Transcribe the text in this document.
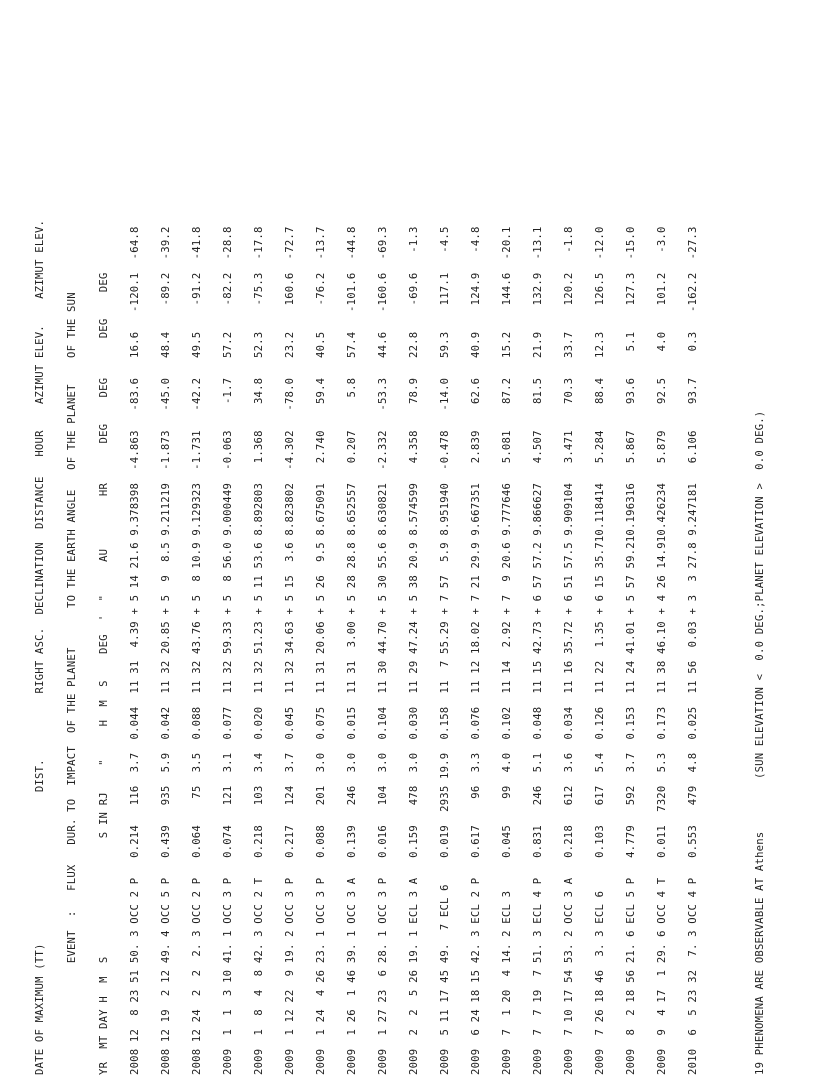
DATE OF MAXIMUM (TT)                       DIST.          RIGHT ASC.  DECLINATION  DISTANCE   HOUR    AZIMUT ELEV.    AZIMUT ELEV. EVENT  :   FLUX   DUR. TO  IMPACT  OF THE PLANET      TO THE EARTH ANGLE   OF THE PLANET    OF THE SUN YR  MT DAY H  M  S                  S IN RJ    "     H  M  S    DEG  '  "     AU        HR      DEG    DEG      DEG    DEG 2008 12  8 23 51 50. 3 OCC 2 P   0.214   116  3.7  0.044  11 31  4.39 + 5 14 21.6 9.378398  -4.863   -83.6   16.6   -120.1  -64.8 2008 12 19  2 12 49. 4 OCC 5 P   0.439   935  5.9  0.042  11 32 20.85 + 5  9  8.5 9.211219  -1.873   -45.0   48.4    -89.2  -39.2 2008 12 24  2  2  2. 3 OCC 2 P   0.064    75  3.5  0.088  11 32 43.76 + 5  8 10.9 9.129323  -1.731   -42.2   49.5    -91.2  -41.8 2009  1  1  3 10 41. 1 OCC 3 P   0.074   121  3.1  0.077  11 32 59.33 + 5  8 56.0 9.000449  -0.063    -1.7   57.2    -82.2  -28.8 2009  1  8  4  8 42. 3 OCC 2 T   0.218   103  3.4  0.020  11 32 51.23 + 5 11 53.6 8.892803   1.368    34.8   52.3    -75.3  -17.8 2009  1 12 22  9 19. 2 OCC 3 P   0.217   124  3.7  0.045  11 32 34.63 + 5 15  3.6 8.823802  -4.302   -78.0   23.2    160.6  -72.7 2009  1 24  4 26 23. 1 OCC 3 P   0.088   201  3.0  0.075  11 31 20.06 + 5 26  9.5 8.675091   2.740    59.4   40.5    -76.2  -13.7 2009  1 26  1 46 39. 1 OCC 3 A   0.139   246  3.0  0.015  11 31  3.00 + 5 28 28.8 8.652557   0.207     5.8   57.4   -101.6  -44.8 2009  1 27 23  6 28. 1 OCC 3 P   0.016   104  3.0  0.104  11 30 44.70 + 5 30 55.6 8.630821  -2.332   -53.3   44.6   -160.6  -69.3 2009  2  2  5 26 19. 1 ECL 3 A   0.159   478  3.0  0.030  11 29 47.24 + 5 38 20.9 8.574599   4.358    78.9   22.8    -69.6   -1.3 2009  5 11 17 45 49.  7 ECL 6    0.019  2935 19.9  0.158  11  7 55.29 + 7 57  5.9 8.951940  -0.478   -14.0   59.3    117.1   -4.5 2009  6 24 18 15 42. 3 ECL 2 P   0.617    96  3.3  0.076  11 12 18.02 + 7 21 29.9 9.667351   2.839    62.6   40.9    124.9   -4.8 2009  7  1 20  4 14. 2 ECL 3     0.045    99  4.0  0.102  11 14  2.92 + 7  9 20.6 9.777646   5.081    87.2   15.2    144.6  -20.1 2009  7  7 19  7 51. 3 ECL 4 P   0.831   246  5.1  0.048  11 15 42.73 + 6 57 57.2 9.866627   4.507    81.5   21.9    132.9  -13.1 2009  7 10 17 54 53. 2 OCC 3 A   0.218   612  3.6  0.034  11 16 35.72 + 6 51 57.5 9.909104   3.471    70.3   33.7    120.2   -1.8 2009  7 26 18 46  3. 3 ECL 6     0.103   617  5.4  0.126  11 22  1.35 + 6 15 35.710.118414   5.284    88.4   12.3    126.5  -12.0 2009  8  2 18 56 21. 6 ECL 5 P   4.779   592  3.7  0.153  11 24 41.01 + 5 57 59.210.196316   5.867    93.6    5.1    127.3  -15.0 2009  9  4 17  1 29. 6 OCC 4 T   0.011  7320  5.3  0.173  11 38 46.10 + 4 26 14.910.426234   5.879    92.5    4.0    101.2   -3.0 2010  6  5 23 32  7. 3 OCC 4 P   0.553   479  4.8  0.025  11 56  0.03 + 3  3 27.8 9.247181   6.106    93.7    0.3   -162.2  -27.3	19 PHENOMENA ARE OBSERVABLE AT Athens        (SUN ELEVATION <  0.0 DEG.;PLANET ELEVATION >  0.0 DEG.)
